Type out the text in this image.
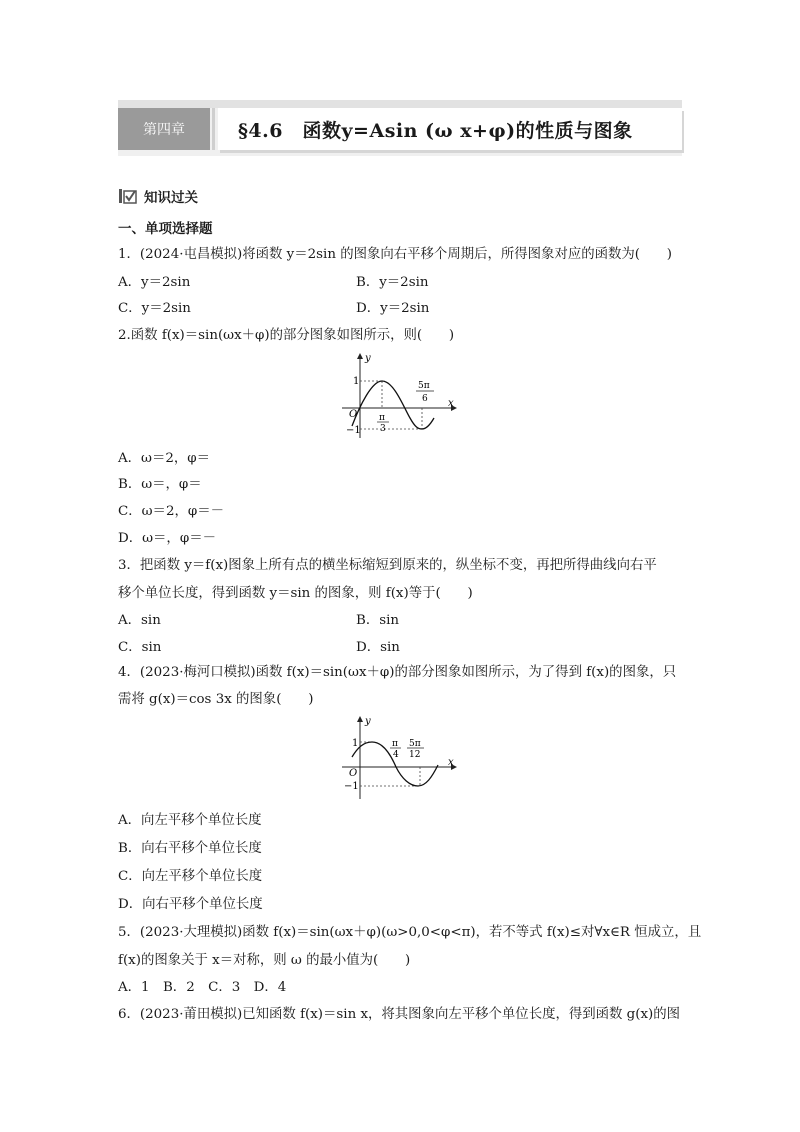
第四章	§4.6　函数y=Asin (ω x+φ)的性质与图象
知识过关
一、单项选择题
1．(2024·屯昌模拟)将函数 y＝2sin 的图象向右平移个周期后，所得图象对应的函数为(　　)
A．y＝2sin	B．y＝2sin
C．y＝2sin	D．y＝2sin
2.函数 f(x)＝sin(ωx＋φ)的部分图象如图所示，则(　　)
y
x
O
1
−1
π
3
5π
6
A．ω＝2，φ＝
B．ω＝，φ＝
C．ω＝2，φ＝－
D．ω＝，φ＝－
3．把函数 y＝f(x)图象上所有点的横坐标缩短到原来的，纵坐标不变，再把所得曲线向右平
移个单位长度，得到函数 y＝sin 的图象，则 f(x)等于(　　)
A．sin	B．sin
C．sin	D．sin
4．(2023·梅河口模拟)函数 f(x)＝sin(ωx＋φ)的部分图象如图所示，为了得到 f(x)的图象，只
需将 g(x)＝cos 3x 的图象(　　)
y
x
O
1
−1
π
4
5π
12
A．向左平移个单位长度
B．向右平移个单位长度
C．向左平移个单位长度
D．向右平移个单位长度
5．(2023·大理模拟)函数 f(x)＝sin(ωx＋φ)(ω>0,0<φ<π)，若不等式 f(x)≤对∀x∈R 恒成立，且
f(x)的图象关于 x＝对称，则 ω 的最小值为(　　)
A．1　B．2　C．3　D．4
6．(2023·莆田模拟)已知函数 f(x)＝sin x，将其图象向左平移个单位长度，得到函数 g(x)的图
